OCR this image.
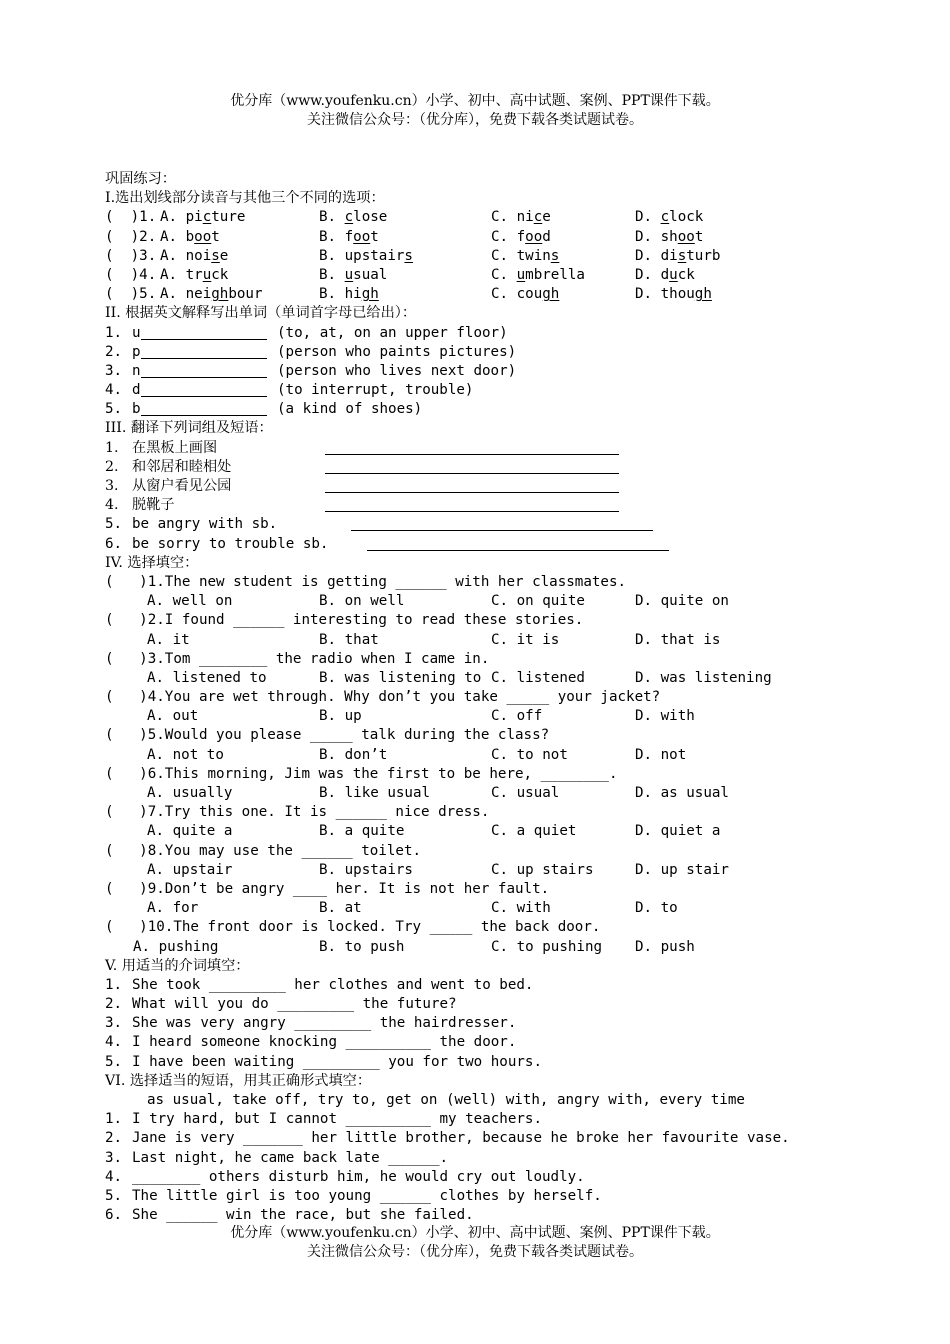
优分库（www.youfenku.cn）小学、初中、高中试题、案例、PPT课件下载。
关注微信公众号：（优分库），免费下载各类试题试卷。
巩固练习：
I.选出划线部分读音与其他三个不同的选项：
(  )1. A. picture	B. close	C. nice	D. clock
(  )2. A. boot	B. foot	C. food	D. shoot
(  )3. A. noise	B. upstairs	C. twins	D. disturb
(  )4. A. truck	B. usual	C. umbrella	D. duck
(  )5. A. neighbour	B. high	C. cough	D. though
II. 根据英文解释写出单词（单词首字母已给出）：
1. u	(to, at, on an upper floor)
2. p	(person who paints pictures)
3. n	(person who lives next door)
4. d	(to interrupt, trouble)
5. b	(a kind of shoes)
III. 翻译下列词组及短语：
1. 在黑板上画图
2. 和邻居和睦相处
3. 从窗户看见公园
4. 脱靴子
5. be angry with sb.
6. be sorry to trouble sb.
IV. 选择填空：
(   )1.The new student is getting ______ with her classmates.
A. well on	B. on well	C. on quite	D. quite on
(   )2.I found ______ interesting to read these stories.
A. it	B. that	C. it is	D. that is
(   )3.Tom ________ the radio when I came in.
A. listened to	B. was listening to C. listened	D. was listening
(   )4.You are wet through. Why don’t you take _____ your jacket?
A. out	B. up	C. off	D. with
(   )5.Would you please _____ talk during the class?
A. not to	B. don’t	C. to not	D. not
(   )6.This morning, Jim was the first to be here, ________.
A. usually	B. like usual	C. usual	D. as usual
(   )7.Try this one. It is ______ nice dress.
A. quite a	B. a quite	C. a quiet	D. quiet a
(   )8.You may use the ______ toilet.
A. upstair	B. upstairs	C. up stairs	D. up stair
(   )9.Don’t be angry ____ her. It is not her fault.
A. for	B. at	C. with	D. to
(   )10.The front door is locked. Try _____ the back door.
A. pushing	B. to push	C. to pushing D. push
V. 用适当的介词填空：
1. She took _________ her clothes and went to bed.
2. What will you do _________ the future?
3. She was very angry _________ the hairdresser.
4. I heard someone knocking __________ the door.
5. I have been waiting _________ you for two hours.
VI. 选择适当的短语，用其正确形式填空：
as usual, take off, try to, get on (well) with, angry with, every time
1. I try hard, but I cannot __________ my teachers.
2. Jane is very _______ her little brother, because he broke her favourite vase.
3. Last night, he came back late ______.
4. ________ others disturb him, he would cry out loudly.
5. The little girl is too young ______ clothes by herself.
6. She ______ win the race, but she failed.
优分库（www.youfenku.cn）小学、初中、高中试题、案例、PPT课件下载。
关注微信公众号：（优分库），免费下载各类试题试卷。
